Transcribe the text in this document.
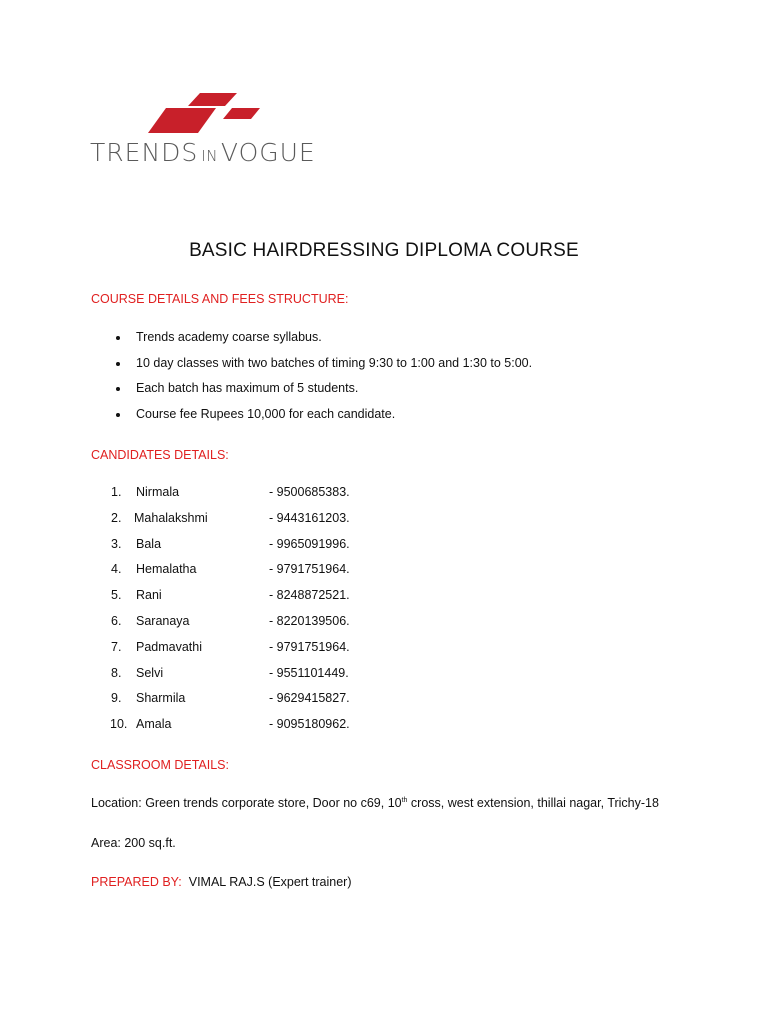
TRENDS IN VOGUE
BASIC HAIRDRESSING DIPLOMA COURSE
COURSE DETAILS AND FEES STRUCTURE:
Trends academy coarse syllabus.
10 day classes with two batches of timing 9:30 to 1:00 and 1:30 to 5:00.
Each batch has maximum of 5 students.
Course fee Rupees 10,000 for each candidate.
CANDIDATES DETAILS:
1.	Nirmala	- 9500685383.
2.	Mahalakshmi	- 9443161203.
3.	Bala	- 9965091996.
4.	Hemalatha	- 9791751964.
5.	Rani	- 8248872521.
6.	Saranaya	- 8220139506.
7.	Padmavathi	- 9791751964.
8.	Selvi	- 9551101449.
9.	Sharmila	- 9629415827.
10. Amala	- 9095180962.
CLASSROOM DETAILS:
Location: Green trends corporate store, Door no c69, 10th cross, west extension, thillai nagar, Trichy-18
Area: 200 sq.ft.
PREPARED BY: VIMAL RAJ.S (Expert trainer)
